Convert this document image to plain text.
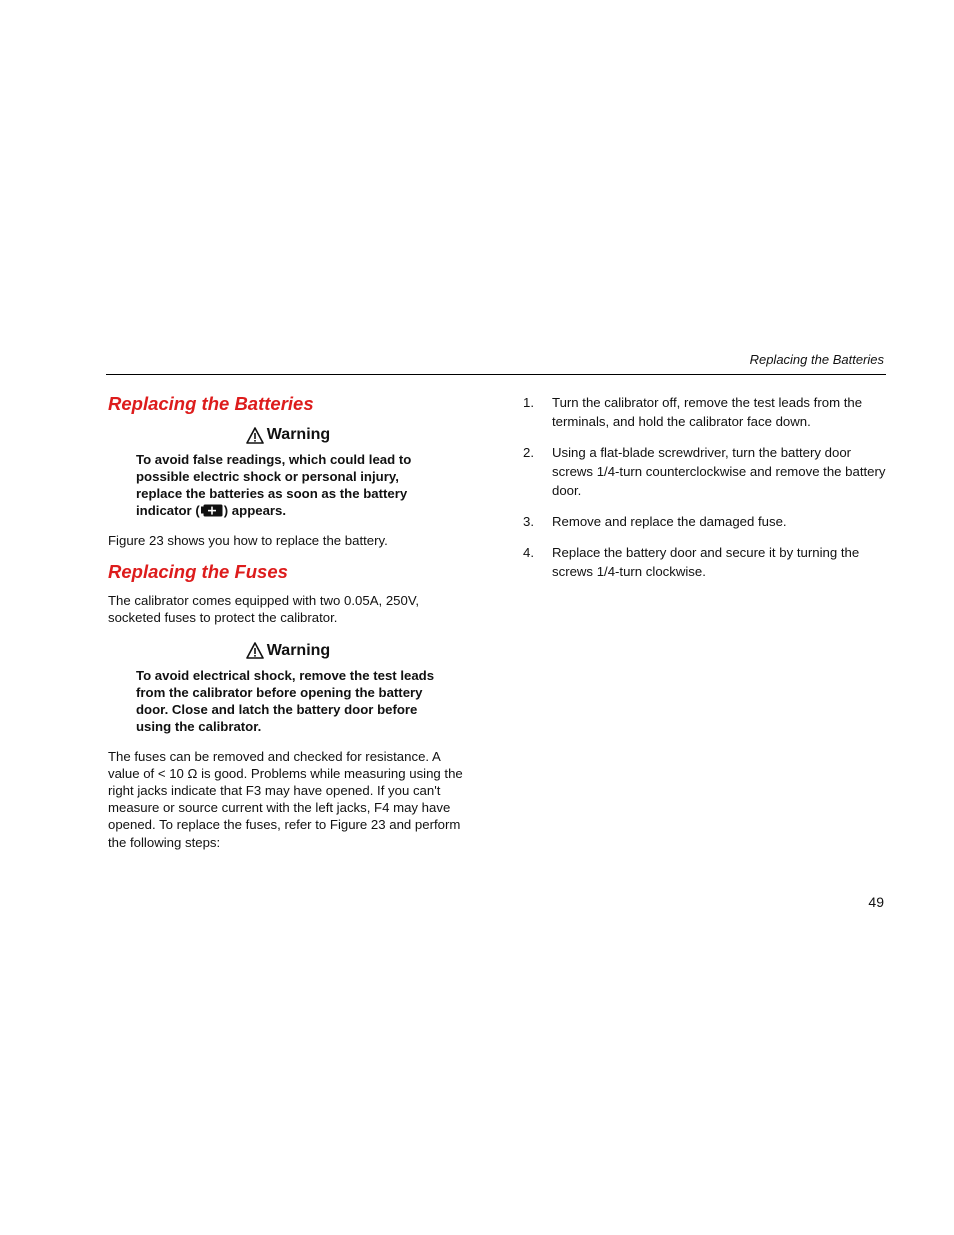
Replacing the Batteries
Replacing the Batteries
Warning
To avoid false readings, which could lead to possible electric shock or personal injury, replace the batteries as soon as the battery indicator ( ) appears.

Figure 23 shows you how to replace the battery.

Replacing the Fuses

The calibrator comes equipped with two 0.05A, 250V, socketed fuses to protect the calibrator.

Warning
To avoid electrical shock, remove the test leads from the calibrator before opening the battery door. Close and latch the battery door before using the calibrator.

The fuses can be removed and checked for resistance. A value of < 10 Ω is good. Problems while measuring using the right jacks indicate that F3 may have opened. If you can't measure or source current with the left jacks, F4 may have opened. To replace the fuses, refer to Figure 23 and perform the following steps:

1.	Turn the calibrator off, remove the test leads from the terminals, and hold the calibrator face down.
2.	Using a flat-blade screwdriver, turn the battery door screws 1/4-turn counterclockwise and remove the battery door.
3.	Remove and replace the damaged fuse.
4.	Replace the battery door and secure it by turning the screws 1/4-turn clockwise.
49
